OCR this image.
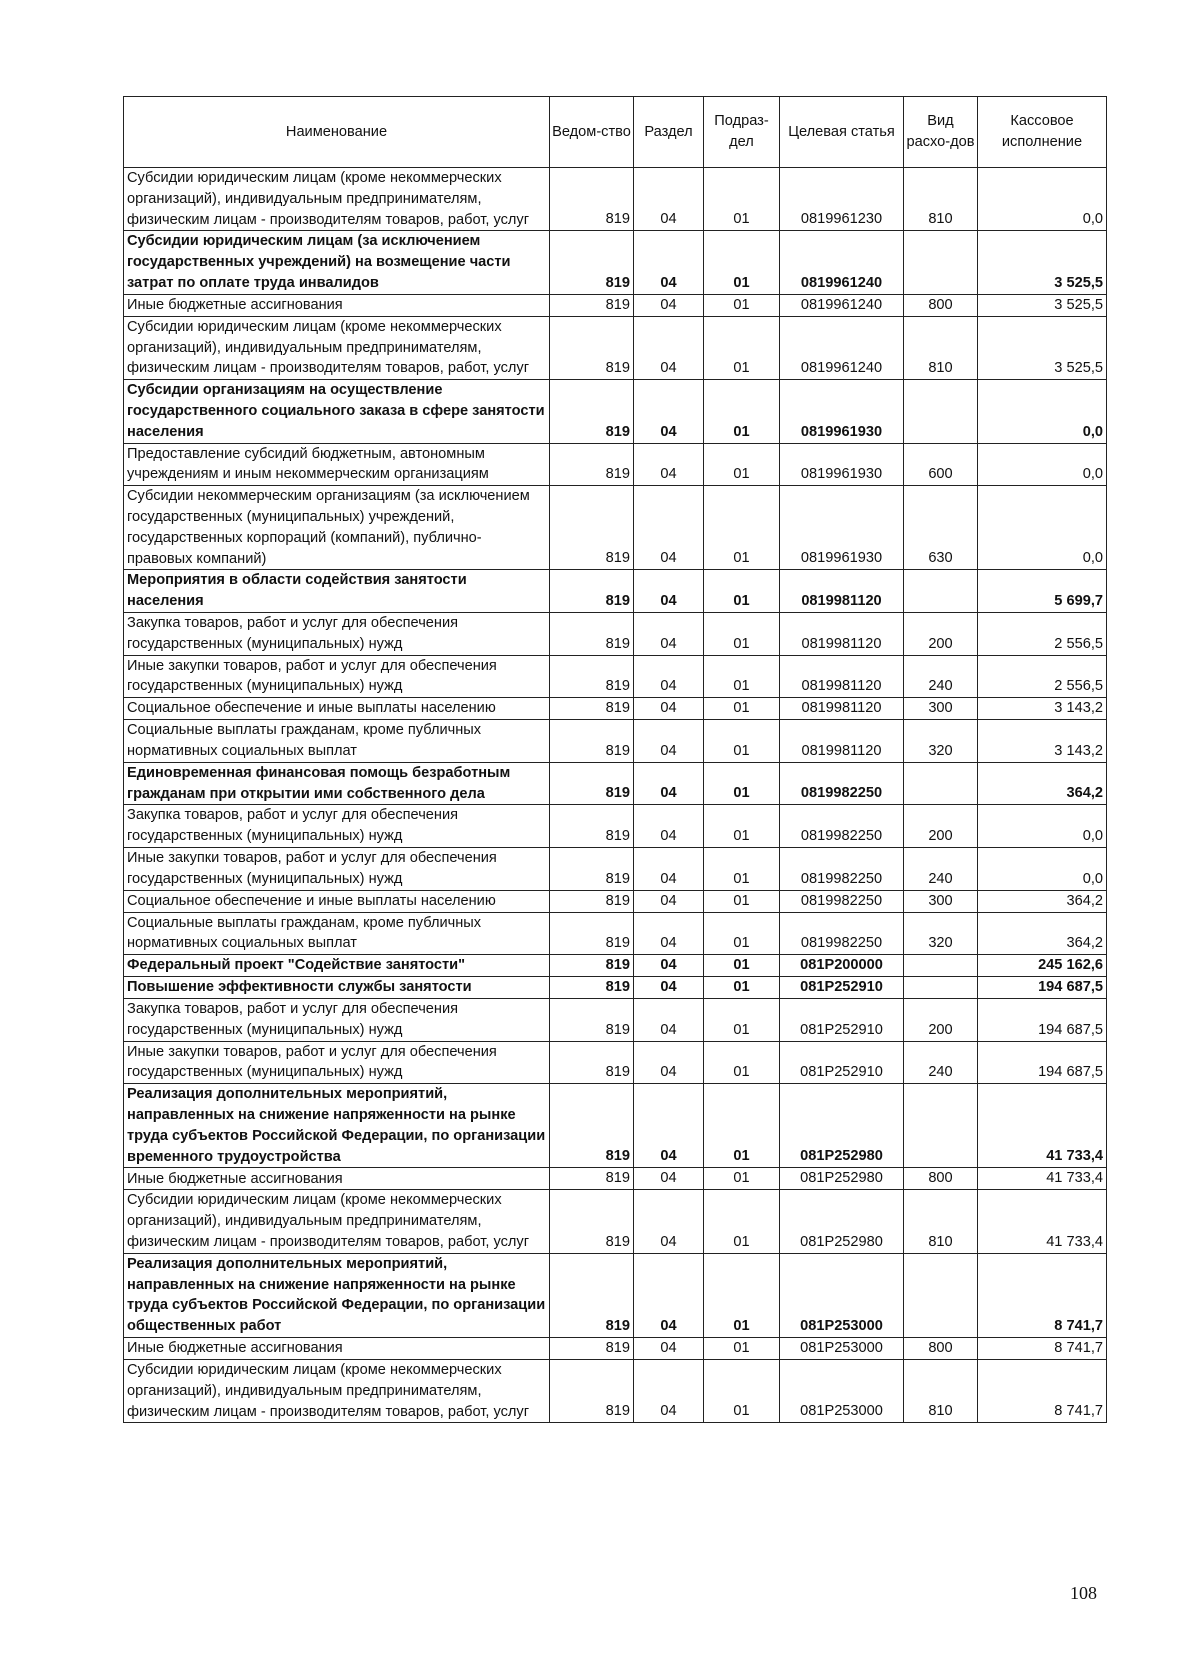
Наименование	Ведом-ство	Раздел	Подраз-дел	Целевая статья	Вид расхо-дов	Кассовое исполнение
Субсидии юридическим лицам (кроме некоммерческих организаций), индивидуальным предпринимателям, физическим лицам - производителям товаров, работ, услуг	819	04	01	0819961230	810	0,0
Субсидии юридическим лицам (за исключением государственных учреждений) на возмещение части затрат по оплате труда инвалидов	819	04	01	0819961240		3 525,5
Иные бюджетные ассигнования	819	04	01	0819961240	800	3 525,5
Субсидии юридическим лицам (кроме некоммерческих организаций), индивидуальным предпринимателям, физическим лицам - производителям товаров, работ, услуг	819	04	01	0819961240	810	3 525,5
Субсидии организациям на осуществление государственного социального заказа в сфере занятости населения	819	04	01	0819961930		0,0
Предоставление субсидий бюджетным, автономным учреждениям и иным некоммерческим организациям	819	04	01	0819961930	600	0,0
Субсидии некоммерческим организациям (за исключением государственных (муниципальных) учреждений, государственных корпораций (компаний), публично-правовых компаний)	819	04	01	0819961930	630	0,0
Мероприятия в области содействия занятости населения	819	04	01	0819981120		5 699,7
Закупка товаров, работ и услуг для обеспечения государственных (муниципальных) нужд	819	04	01	0819981120	200	2 556,5
Иные закупки товаров, работ и услуг для обеспечения государственных (муниципальных) нужд	819	04	01	0819981120	240	2 556,5
Социальное обеспечение и иные выплаты населению	819	04	01	0819981120	300	3 143,2
Социальные выплаты гражданам, кроме публичных нормативных социальных выплат	819	04	01	0819981120	320	3 143,2
Единовременная финансовая помощь безработным гражданам при открытии ими собственного дела	819	04	01	0819982250		364,2
Закупка товаров, работ и услуг для обеспечения государственных (муниципальных) нужд	819	04	01	0819982250	200	0,0
Иные закупки товаров, работ и услуг для обеспечения государственных (муниципальных) нужд	819	04	01	0819982250	240	0,0
Социальное обеспечение и иные выплаты населению	819	04	01	0819982250	300	364,2
Социальные выплаты гражданам, кроме публичных нормативных социальных выплат	819	04	01	0819982250	320	364,2
Федеральный проект "Содействие занятости"	819	04	01	081P200000		245 162,6
Повышение эффективности службы занятости	819	04	01	081P252910		194 687,5
Закупка товаров, работ и услуг для обеспечения государственных (муниципальных) нужд	819	04	01	081P252910	200	194 687,5
Иные закупки товаров, работ и услуг для обеспечения государственных (муниципальных) нужд	819	04	01	081P252910	240	194 687,5
Реализация дополнительных мероприятий, направленных на снижение напряженности на рынке труда субъектов Российской Федерации, по организации временного трудоустройства	819	04	01	081P252980		41 733,4
Иные бюджетные ассигнования	819	04	01	081P252980	800	41 733,4
Субсидии юридическим лицам (кроме некоммерческих организаций), индивидуальным предпринимателям, физическим лицам - производителям товаров, работ, услуг	819	04	01	081P252980	810	41 733,4
Реализация дополнительных мероприятий, направленных на снижение напряженности на рынке труда субъектов Российской Федерации, по организации общественных работ	819	04	01	081P253000		8 741,7
Иные бюджетные ассигнования	819	04	01	081P253000	800	8 741,7
Субсидии юридическим лицам (кроме некоммерческих организаций), индивидуальным предпринимателям, физическим лицам - производителям товаров, работ, услуг	819	04	01	081P253000	810	8 741,7
108
